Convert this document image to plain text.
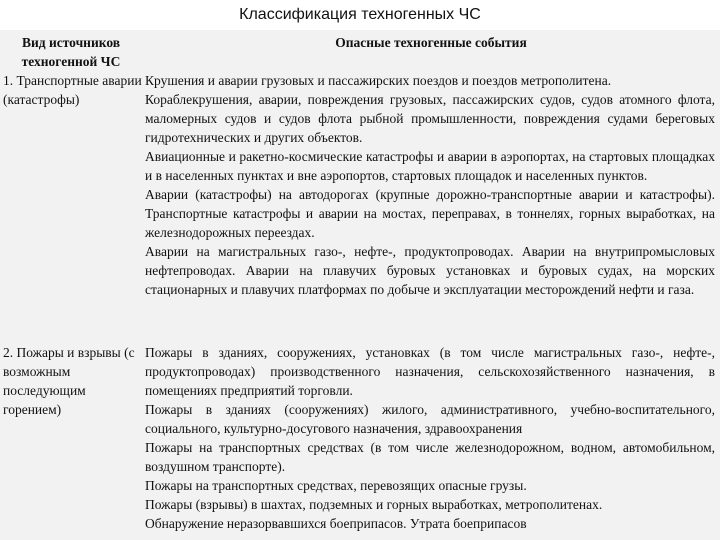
Классификация техногенных ЧС
Вид источников техногенной ЧС
Опасные техногенные события
1. Транспортные аварии (катастрофы)

Крушения и аварии грузовых и пассажирских поездов и поездов метрополитена.

Кораблекрушения, аварии, повреждения грузовых, пассажирских судов, судов атомного флота, маломерных судов и судов флота рыбной промышленности, повреждения судами береговых гидротехнических и других объектов.

Авиационные и ракетно-космические катастрофы и аварии в аэропортах, на стартовых площадках и в населенных пунктах и вне аэропортов, стартовых площадок и населенных пунктов.

Аварии (катастрофы) на автодорогах (крупные дорожно-транспортные аварии и катастрофы). Транспортные катастрофы и аварии на мостах, переправах, в тоннелях, горных выработках, на железнодорожных переездах.

Аварии на магистральных газо-, нефте-, продуктопроводах. Аварии на внутрипромысловых нефтепроводах. Аварии на плавучих буровых установках и буровых судах, на морских стационарных и плавучих платформах по добыче и эксплуатации месторождений нефти и газа.

2. Пожары и взрывы (с возможным последующим горением)

Пожары в зданиях, сооружениях, установках (в том числе магистральных газо-, нефте-, продуктопроводах) производственного назначения, сельскохозяйственного назначения, в помещениях предприятий торговли.

Пожары в зданиях (сооружениях) жилого, административного, учебно-воспитательного, социального, культурно-досугового назначения, здравоохранения

Пожары на транспортных средствах (в том числе железнодорожном, водном, автомобильном, воздушном транспорте).

Пожары на транспортных средствах, перевозящих опасные грузы.

Пожары (взрывы) в шахтах, подземных и горных выработках, метрополитенах.

Обнаружение неразорвавшихся боеприпасов. Утрата боеприпасов
